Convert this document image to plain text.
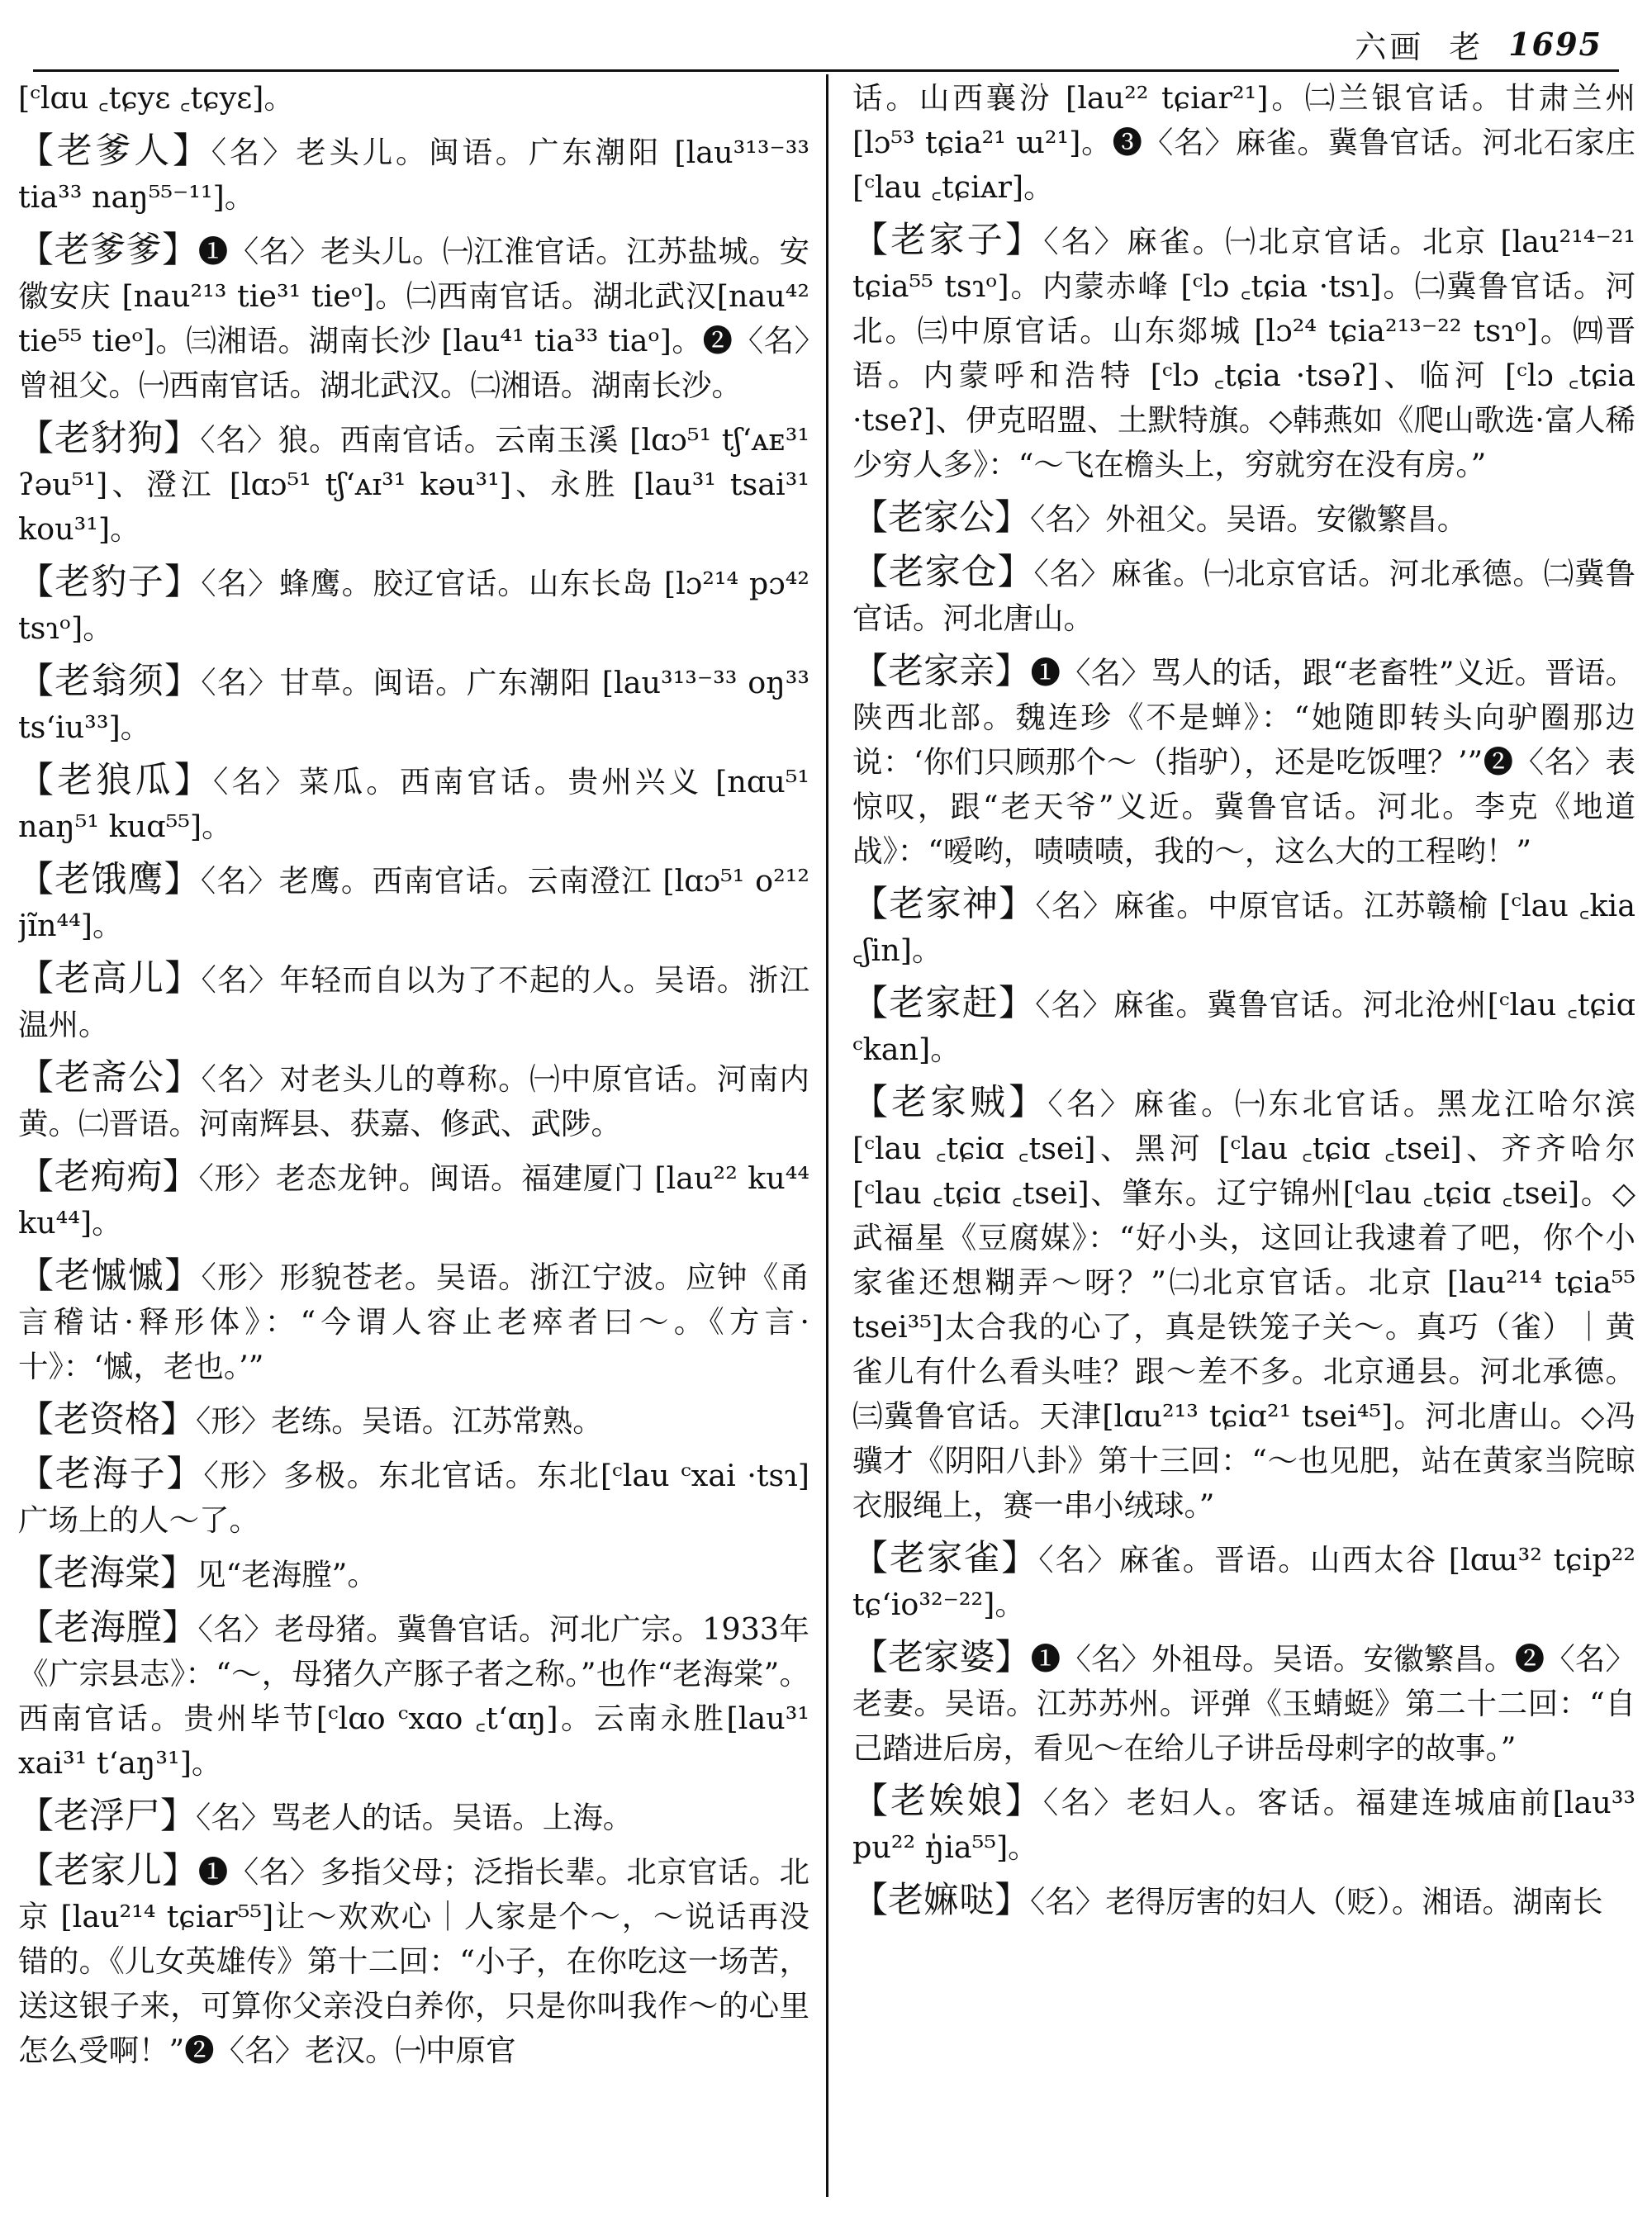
六画 老 1695

[ᶜlɑu ꜀tɕyɛ ꜀tɕyɛ]。

【老爹人】〈名〉老头儿。闽语。广东潮阳 [lau³¹³⁻³³ tia³³ naŋ⁵⁵⁻¹¹]。

【老爹爹】❶〈名〉老头儿。㈠江淮官话。江苏盐城。安徽安庆 [nau²¹³ tie³¹ tieᵒ]。㈡西南官话。湖北武汉[nau⁴² tie⁵⁵ tieᵒ]。㈢湘语。湖南长沙 [lau⁴¹ tia³³ tiaᵒ]。❷〈名〉曾祖父。㈠西南官话。湖北武汉。㈡湘语。湖南长沙。

【老豺狗】〈名〉狼。西南官话。云南玉溪 [lɑɔ⁵¹ tʃʻᴀᴇ³¹ ʔəu⁵¹]、澄江 [lɑɔ⁵¹ tʃʻᴀɪ³¹ kəu³¹]、永胜 [lau³¹ tsai³¹ kou³¹]。

【老豹子】〈名〉蜂鹰。胶辽官话。山东长岛 [lɔ²¹⁴ pɔ⁴² tsɿᵒ]。

【老翁须】〈名〉甘草。闽语。广东潮阳 [lau³¹³⁻³³ oŋ³³ tsʻiu³³]。

【老狼瓜】〈名〉菜瓜。西南官话。贵州兴义 [nɑu⁵¹ naŋ⁵¹ kuɑ⁵⁵]。

【老饿鹰】〈名〉老鹰。西南官话。云南澄江 [lɑɔ⁵¹ o²¹² jĩn⁴⁴]。

【老高儿】〈名〉年轻而自以为了不起的人。吴语。浙江温州。

【老斋公】〈名〉对老头儿的尊称。㈠中原官话。河南内黄。㈡晋语。河南辉县、获嘉、修武、武陟。

【老痀痀】〈形〉老态龙钟。闽语。福建厦门 [lau²² ku⁴⁴ ku⁴⁴]。

【老慽慽】〈形〉形貌苍老。吴语。浙江宁波。应钟《甬言稽诂·释形体》：“今谓人容止老瘁者曰～。《方言·十》：‘慽，老也。’”

【老资格】〈形〉老练。吴语。江苏常熟。

【老海子】〈形〉多极。东北官话。东北[ᶜlau ᶜxai ·tsɿ] 广场上的人～了。

【老海棠】见“老海膛”。

【老海膛】〈名〉老母猪。冀鲁官话。河北广宗。1933年《广宗县志》：“～，母猪久产豚子者之称。”也作“老海棠”。西南官话。贵州毕节[ᶜlɑo ᶜxɑo ꜀tʻɑŋ]。云南永胜[lau³¹ xai³¹ tʻaŋ³¹]。

【老浮尸】〈名〉骂老人的话。吴语。上海。

【老家儿】❶〈名〉多指父母；泛指长辈。北京官话。北京 [lau²¹⁴ tɕiar⁵⁵]让～欢欢心｜人家是个～，～说话再没错的。《儿女英雄传》第十二回：“小子，在你吃这一场苦，送这银子来，可算你父亲没白养你，只是你叫我作～的心里怎么受啊！”❷〈名〉老汉。㈠中原官

话。山西襄汾 [lau²² tɕiar²¹]。㈡兰银官话。甘肃兰州 [lɔ⁵³ tɕia²¹ ɯ²¹]。❸〈名〉麻雀。冀鲁官话。河北石家庄 [ᶜlau ꜀tɕiᴀr]。

【老家子】〈名〉麻雀。㈠北京官话。北京 [lau²¹⁴⁻²¹ tɕia⁵⁵ tsɿᵒ]。内蒙赤峰 [ᶜlɔ ꜀tɕia ·tsɿ]。㈡冀鲁官话。河北。㈢中原官话。山东郯城 [lɔ²⁴ tɕia²¹³⁻²² tsɿᵒ]。㈣晋语。内蒙呼和浩特 [ᶜlɔ ꜀tɕia ·tsəʔ]、临河 [ᶜlɔ ꜀tɕia ·tseʔ]、伊克昭盟、土默特旗。◇韩燕如《爬山歌选·富人稀少穷人多》：“～飞在檐头上，穷就穷在没有房。”

【老家公】〈名〉外祖父。吴语。安徽繁昌。

【老家仓】〈名〉麻雀。㈠北京官话。河北承德。㈡冀鲁官话。河北唐山。

【老家亲】❶〈名〉骂人的话，跟“老畜牲”义近。晋语。陕西北部。魏连珍《不是蝉》：“她随即转头向驴圈那边说：‘你们只顾那个～（指驴），还是吃饭哩？’”❷〈名〉表惊叹，跟“老天爷”义近。冀鲁官话。河北。李克《地道战》：“嗳哟，啧啧啧，我的～，这么大的工程哟！”

【老家神】〈名〉麻雀。中原官话。江苏赣榆 [ᶜlau ꜀kia ꜀ʃin]。

【老家赶】〈名〉麻雀。冀鲁官话。河北沧州[ᶜlau ꜀tɕiɑ ᶜkan]。

【老家贼】〈名〉麻雀。㈠东北官话。黑龙江哈尔滨 [ᶜlau ꜀tɕiɑ ꜀tsei]、黑河 [ᶜlau ꜀tɕiɑ ꜀tsei]、齐齐哈尔[ᶜlau ꜀tɕiɑ ꜀tsei]、肇东。辽宁锦州[ᶜlau ꜀tɕiɑ ꜀tsei]。◇武福星《豆腐媒》：“好小头，这回让我逮着了吧，你个小家雀还想糊弄～呀？”㈡北京官话。北京 [lau²¹⁴ tɕia⁵⁵ tsei³⁵]太合我的心了，真是铁笼子关～。真巧（雀）｜黄雀儿有什么看头哇？跟～差不多。北京通县。河北承德。㈢冀鲁官话。天津[lɑu²¹³ tɕiɑ²¹ tsei⁴⁵]。河北唐山。◇冯骥才《阴阳八卦》第十三回：“～也见肥，站在黄家当院晾衣服绳上，赛一串小绒球。”

【老家雀】〈名〉麻雀。晋语。山西太谷 [lɑɯ³² tɕip²² tɕʻio³²⁻²²]。

【老家婆】❶〈名〉外祖母。吴语。安徽繁昌。❷〈名〉老妻。吴语。江苏苏州。评弹《玉蜻蜓》第二十二回：“自己踏进后房，看见～在给儿子讲岳母刺字的故事。”

【老娭娘】〈名〉老妇人。客话。福建连城庙前[lau³³ pu²² ŋ̍ia⁵⁵]。

【老嫲哒】〈名〉老得厉害的妇人（贬）。湘语。湖南长
